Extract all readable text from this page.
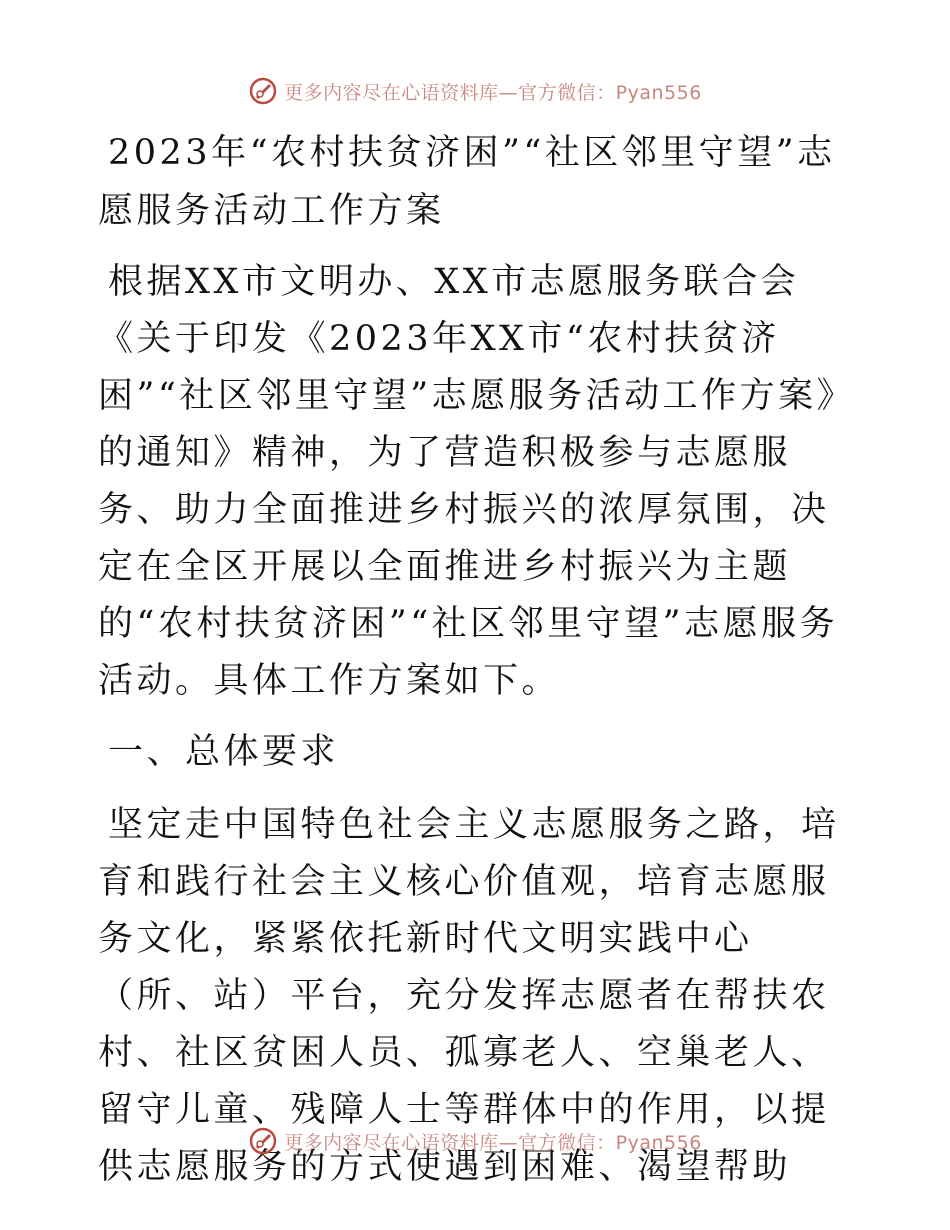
更多内容尽在心语资料库—官方微信：Pyan556

2023年“农村扶贫济困”“社区邻里守望”志愿服务活动工作方案

根据XX市文明办、XX市志愿服务联合会《关于印发《2023年XX市“农村扶贫济困”“社区邻里守望”志愿服务活动工作方案》的通知》精神，为了营造积极参与志愿服务、助力全面推进乡村振兴的浓厚氛围，决定在全区开展以全面推进乡村振兴为主题的“农村扶贫济困”“社区邻里守望”志愿服务活动。具体工作方案如下。

一、总体要求

坚定走中国特色社会主义志愿服务之路，培育和践行社会主义核心价值观，培育志愿服务文化，紧紧依托新时代文明实践中心（所、站）平台，充分发挥志愿者在帮扶农村、社区贫困人员、孤寡老人、空巢老人、留守儿童、残障人士等群体中的作用，以提供志愿服务的方式使遇到困难、渴望帮助

更多内容尽在心语资料库—官方微信：Pyan556
